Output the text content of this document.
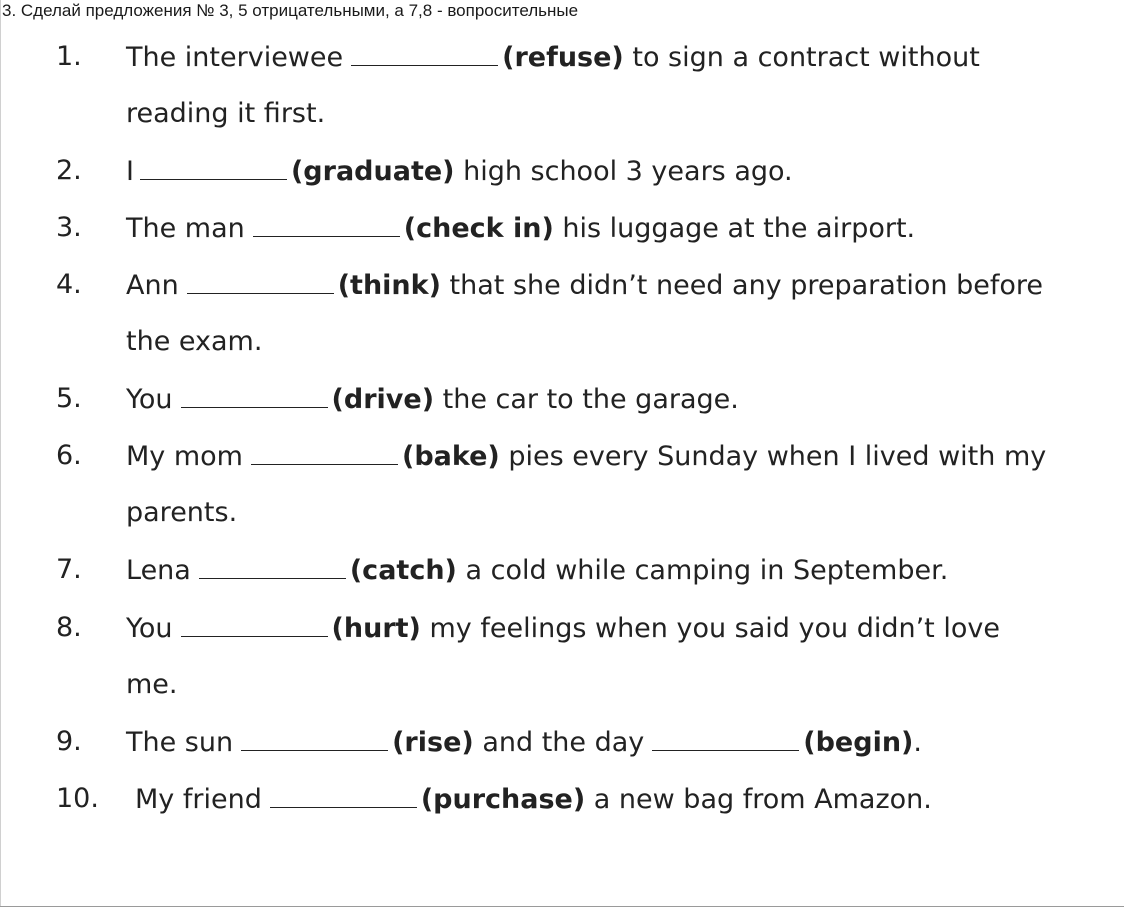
3. Сделай предложения № 3, 5 отрицательными, а 7,8 - вопросительные
1. The interviewee	(refuse) to sign a contract without
reading it first.
2. I	(graduate) high school 3 years ago.
3. The man	(check in) his luggage at the airport.
4. Ann	(think) that she didn’t need any preparation before
the exam.
5. You	(drive) the car to the garage.
6. My mom	(bake) pies every Sunday when I lived with my
parents.
7. Lena	(catch) a cold while camping in September.
8. You	(hurt) my feelings when you said you didn’t love
me.
9. The sun	(rise) and the day	(begin).
10. My friend	(purchase) a new bag from Amazon.
